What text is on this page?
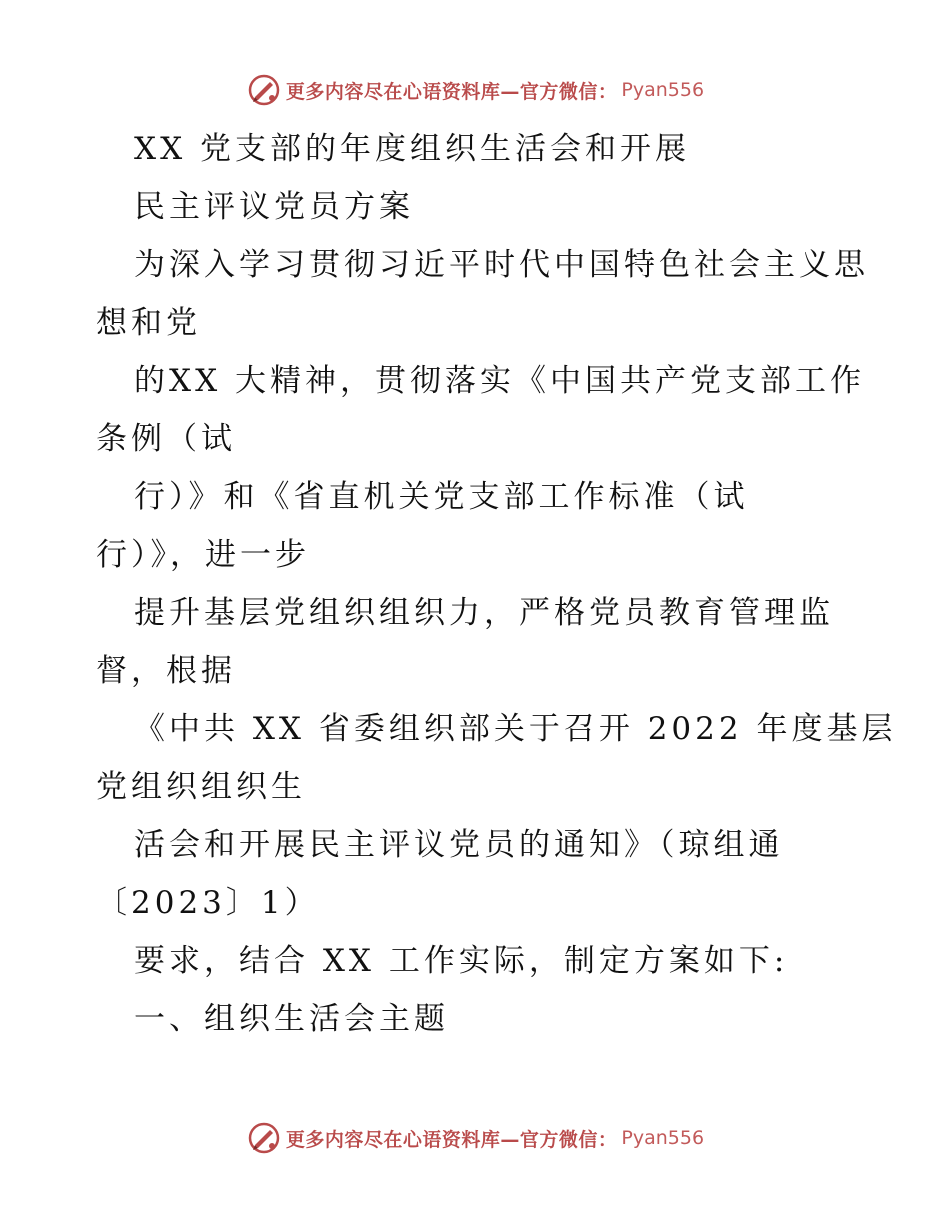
更多内容尽在心语资料库—官方微信： Pyan556
XX 党支部的年度组织生活会和开展
民主评议党员方案
为深入学习贯彻习近平时代中国特色社会主义思
想和党
的XX 大精神，贯彻落实《中国共产党支部工作
条例（试
行）》和《省直机关党支部工作标准（试
行）》，进一步
提升基层党组织组织力，严格党员教育管理监
督，根据
《中共 XX 省委组织部关于召开 2022 年度基层
党组织组织生
活会和开展民主评议党员的通知》（琼组通
〔2023〕1）
要求，结合 XX 工作实际，制定方案如下:
一、组织生活会主题
更多内容尽在心语资料库—官方微信： Pyan556
